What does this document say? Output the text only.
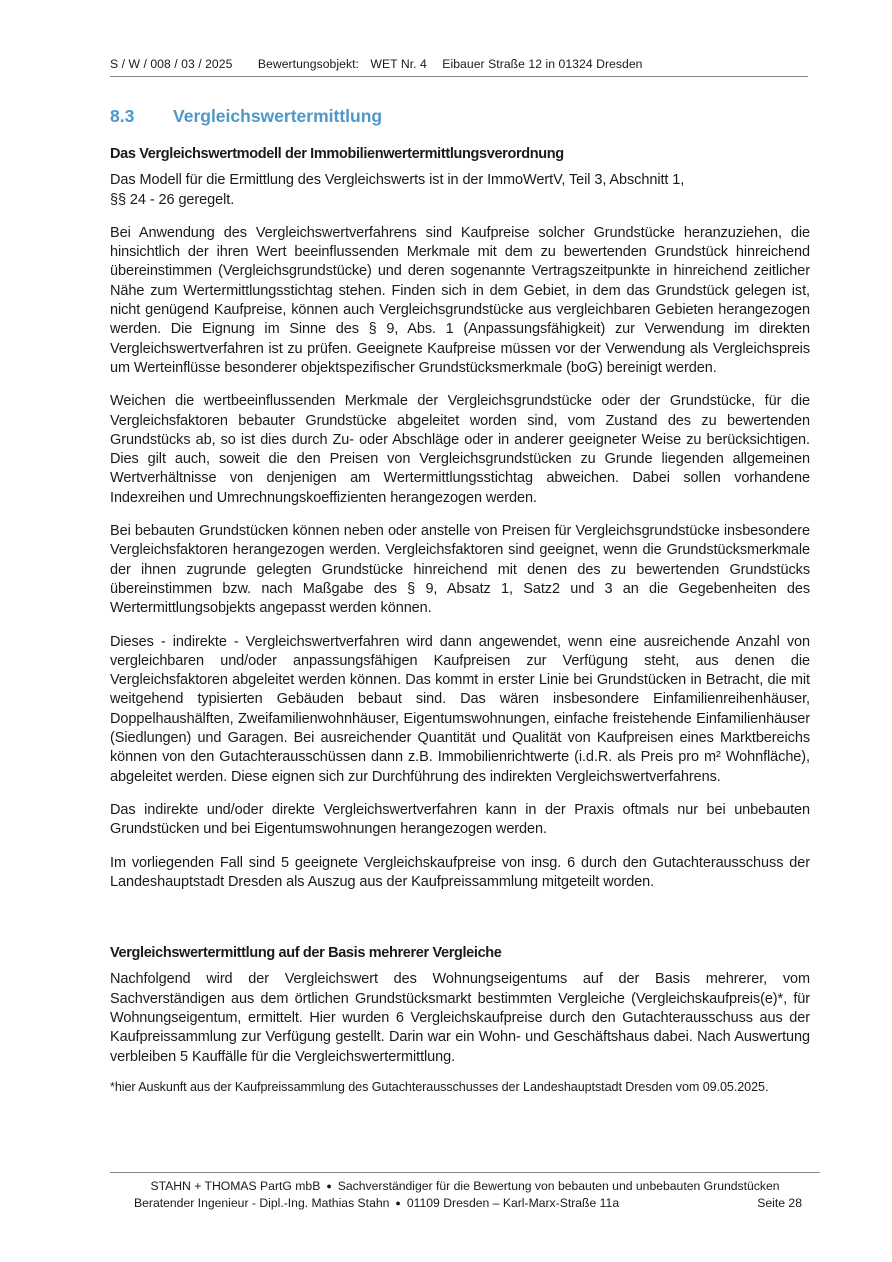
S / W / 008 / 03 / 2025 Bewertungsobjekt: WET Nr. 4 Eibauer Straße 12 in 01324 Dresden
8.3 Vergleichswertermittlung
Das Vergleichswertmodell der Immobilienwertermittlungsverordnung

Das Modell für die Ermittlung des Vergleichswerts ist in der ImmoWertV, Teil 3, Abschnitt 1,
§§ 24 - 26 geregelt.

Bei Anwendung des Vergleichswertverfahrens sind Kaufpreise solcher Grundstücke heranzuziehen, die hinsichtlich der ihren Wert beeinflussenden Merkmale mit dem zu bewertenden Grundstück hinreichend übereinstimmen (Vergleichsgrundstücke) und deren sogenannte Vertragszeitpunkte in hinreichend zeitlicher Nähe zum Wertermittlungsstichtag stehen. Finden sich in dem Gebiet, in dem das Grundstück gelegen ist, nicht genügend Kaufpreise, können auch Vergleichsgrundstücke aus vergleichbaren Gebieten herangezogen werden. Die Eignung im Sinne des § 9, Abs. 1 (Anpassungsfähigkeit) zur Verwendung im direkten Vergleichswertverfahren ist zu prüfen. Geeignete Kaufpreise müssen vor der Verwendung als Vergleichspreis um Werteinflüsse besonderer objektspezifischer Grundstücksmerkmale (boG) bereinigt werden.

Weichen die wertbeeinflussenden Merkmale der Vergleichsgrundstücke oder der Grundstücke, für die Vergleichsfaktoren bebauter Grundstücke abgeleitet worden sind, vom Zustand des zu bewertenden Grundstücks ab, so ist dies durch Zu- oder Abschläge oder in anderer geeigneter Weise zu berücksichtigen. Dies gilt auch, soweit die den Preisen von Vergleichsgrundstücken zu Grunde liegenden allgemeinen Wertverhältnisse von denjenigen am Wertermittlungsstichtag abweichen. Dabei sollen vorhandene Indexreihen und Umrechnungskoeffizienten herangezogen werden.

Bei bebauten Grundstücken können neben oder anstelle von Preisen für Vergleichsgrundstücke insbesondere Vergleichsfaktoren herangezogen werden. Vergleichsfaktoren sind geeignet, wenn die Grundstücksmerkmale der ihnen zugrunde gelegten Grundstücke hinreichend mit denen des zu bewertenden Grundstücks übereinstimmen bzw. nach Maßgabe des § 9, Absatz 1, Satz2 und 3 an die Gegebenheiten des Wertermittlungsobjekts angepasst werden können.

Dieses - indirekte - Vergleichswertverfahren wird dann angewendet, wenn eine ausreichende Anzahl von vergleichbaren und/oder anpassungsfähigen Kaufpreisen zur Verfügung steht, aus denen die Vergleichsfaktoren abgeleitet werden können. Das kommt in erster Linie bei Grundstücken in Betracht, die mit weitgehend typisierten Gebäuden bebaut sind. Das wären insbesondere Einfamilienreihenhäuser, Doppelhaushälften, Zweifamilienwohnhäuser, Eigentumswohnungen, einfache freistehende Einfamilienhäuser (Siedlungen) und Garagen. Bei ausreichender Quantität und Qualität von Kaufpreisen eines Marktbereichs können von den Gutachterausschüssen dann z.B. Immobilienrichtwerte (i.d.R. als Preis pro m² Wohnfläche), abgeleitet werden. Diese eignen sich zur Durchführung des indirekten Vergleichswertverfahrens.

Das indirekte und/oder direkte Vergleichswertverfahren kann in der Praxis oftmals nur bei unbebauten Grundstücken und bei Eigentumswohnungen herangezogen werden.

Im vorliegenden Fall sind 5 geeignete Vergleichskaufpreise von insg. 6 durch den Gutachterausschuss der Landeshauptstadt Dresden als Auszug aus der Kaufpreissammlung mitgeteilt worden.

Vergleichswertermittlung auf der Basis mehrerer Vergleiche

Nachfolgend wird der Vergleichswert des Wohnungseigentums auf der Basis mehrerer, vom Sachverständigen aus dem örtlichen Grundstücksmarkt bestimmten Vergleiche (Vergleichskaufpreis(e)*, für Wohnungseigentum, ermittelt. Hier wurden 6 Vergleichskaufpreise durch den Gutachterausschuss aus der Kaufpreissammlung zur Verfügung gestellt. Darin war ein Wohn- und Geschäftshaus dabei. Nach Auswertung verbleiben 5 Kauffälle für die Vergleichswertermittlung.

*hier Auskunft aus der Kaufpreissammlung des Gutachterausschusses der Landeshauptstadt Dresden vom 09.05.2025.

STAHN + THOMAS PartG mbB ● Sachverständiger für die Bewertung von bebauten und unbebauten Grundstücken
Beratender Ingenieur - Dipl.-Ing. Mathias Stahn ● 01109 Dresden – Karl-Marx-Straße 11a	Seite 28
